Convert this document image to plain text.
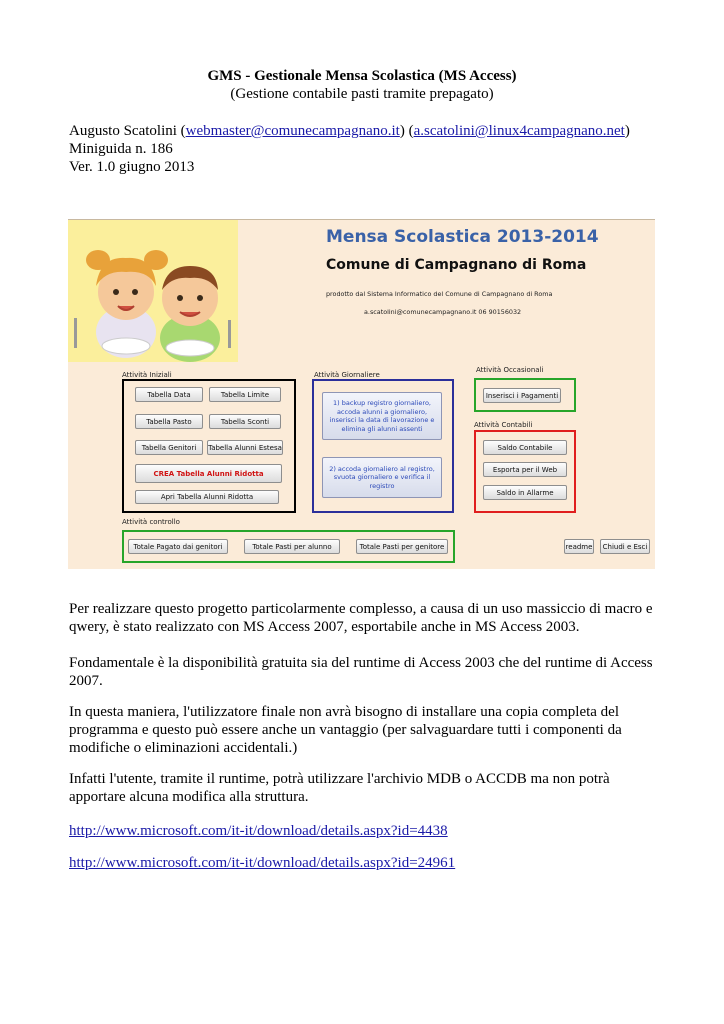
GMS - Gestionale Mensa Scolastica (MS Access)
(Gestione contabile pasti tramite prepagato)
Augusto Scatolini (webmaster@comunecampagnano.it) (a.scatolini@linux4campagnano.net)
Miniguida n. 186
Ver. 1.0 giugno 2013
Mensa Scolastica 2013-2014
Comune di Campagnano di Roma
prodotto dal Sistema Informatico del Comune di Campagnano di Roma
a.scatolini@comunecampagnano.it 06 90156032
Attività Iniziali	Attività Giornaliere
Attività Occasionali
Attività Contabili
Attività controllo
Tabella Data	Tabella Limite
Tabella Pasto	Tabella Sconti
Tabella Genitori	Tabella Alunni Estesa
CREA Tabella Alunni Ridotta
Apri Tabella Alunni Ridotta
1) backup registro giornaliero, accoda alunni a giornaliero, inserisci la data di lavorazione e elimina gli alunni assenti
2) accoda giornaliero al registro, svuota giornaliero e verifica il registro
Inserisci i Pagamenti
Saldo Contabile
Esporta per il Web
Saldo in Allarme
Totale Pagato dai genitori	Totale Pasti per alunno	Totale Pasti per genitore	readme	Chiudi e Esci
Per realizzare questo progetto particolarmente complesso, a causa di un uso massiccio di macro e qwery, è stato realizzato con MS Access 2007, esportabile anche in MS Access 2003.
Fondamentale è la disponibilità gratuita sia del runtime di Access 2003 che del runtime di Access 2007.
In questa maniera, l'utilizzatore finale non avrà bisogno di installare una copia completa del programma e questo può essere anche un vantaggio (per salvaguardare tutti i componenti da modifiche o eliminazioni accidentali.)
Infatti l'utente, tramite il runtime, potrà utilizzare l'archivio MDB o ACCDB ma non potrà apportare alcuna modifica alla struttura.
http://www.microsoft.com/it-it/download/details.aspx?id=4438
http://www.microsoft.com/it-it/download/details.aspx?id=24961
